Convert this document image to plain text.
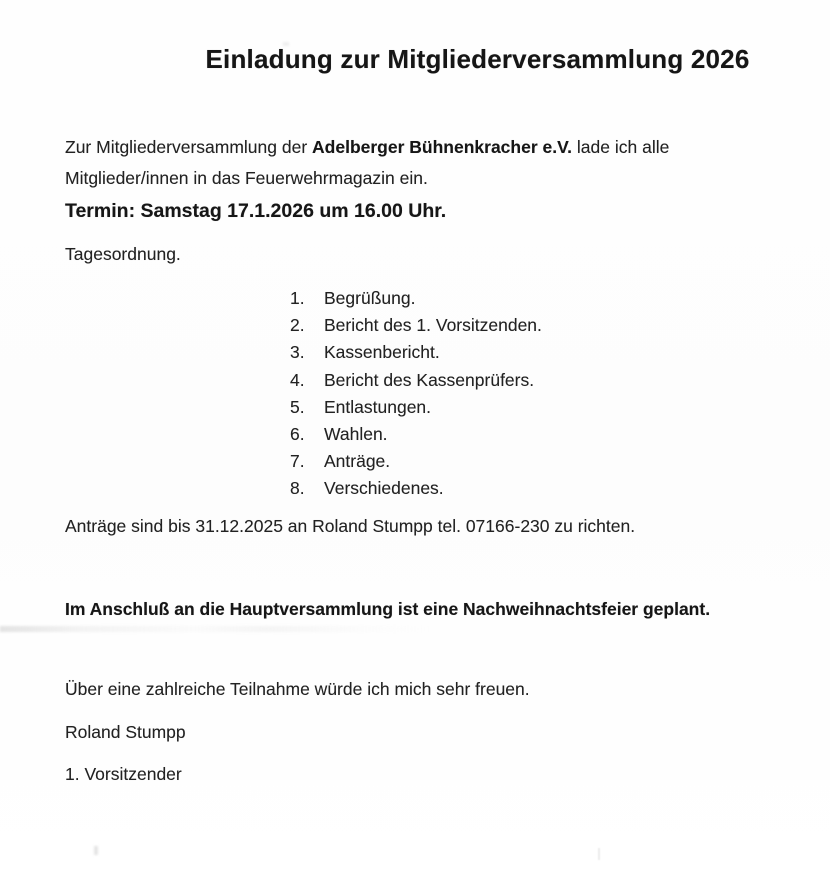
Einladung zur Mitgliederversammlung 2026

Zur Mitgliederversammlung der Adelberger Bühnenkracher e.V. lade ich alle Mitglieder/innen in das Feuerwehrmagazin ein.

Termin: Samstag 17.1.2026 um 16.00 Uhr.

Tagesordnung.

1.	Begrüßung.
2.	Bericht des 1. Vorsitzenden.
3.	Kassenbericht.
4.	Bericht des Kassenprüfers.
5.	Entlastungen.
6.	Wahlen.
7.	Anträge.
8.	Verschiedenes.

Anträge sind bis 31.12.2025 an Roland Stumpp tel. 07166-230 zu richten.

Im Anschluß an die Hauptversammlung ist eine Nachweihnachtsfeier geplant.

Über eine zahlreiche Teilnahme würde ich mich sehr freuen.

Roland Stumpp

1. Vorsitzender
